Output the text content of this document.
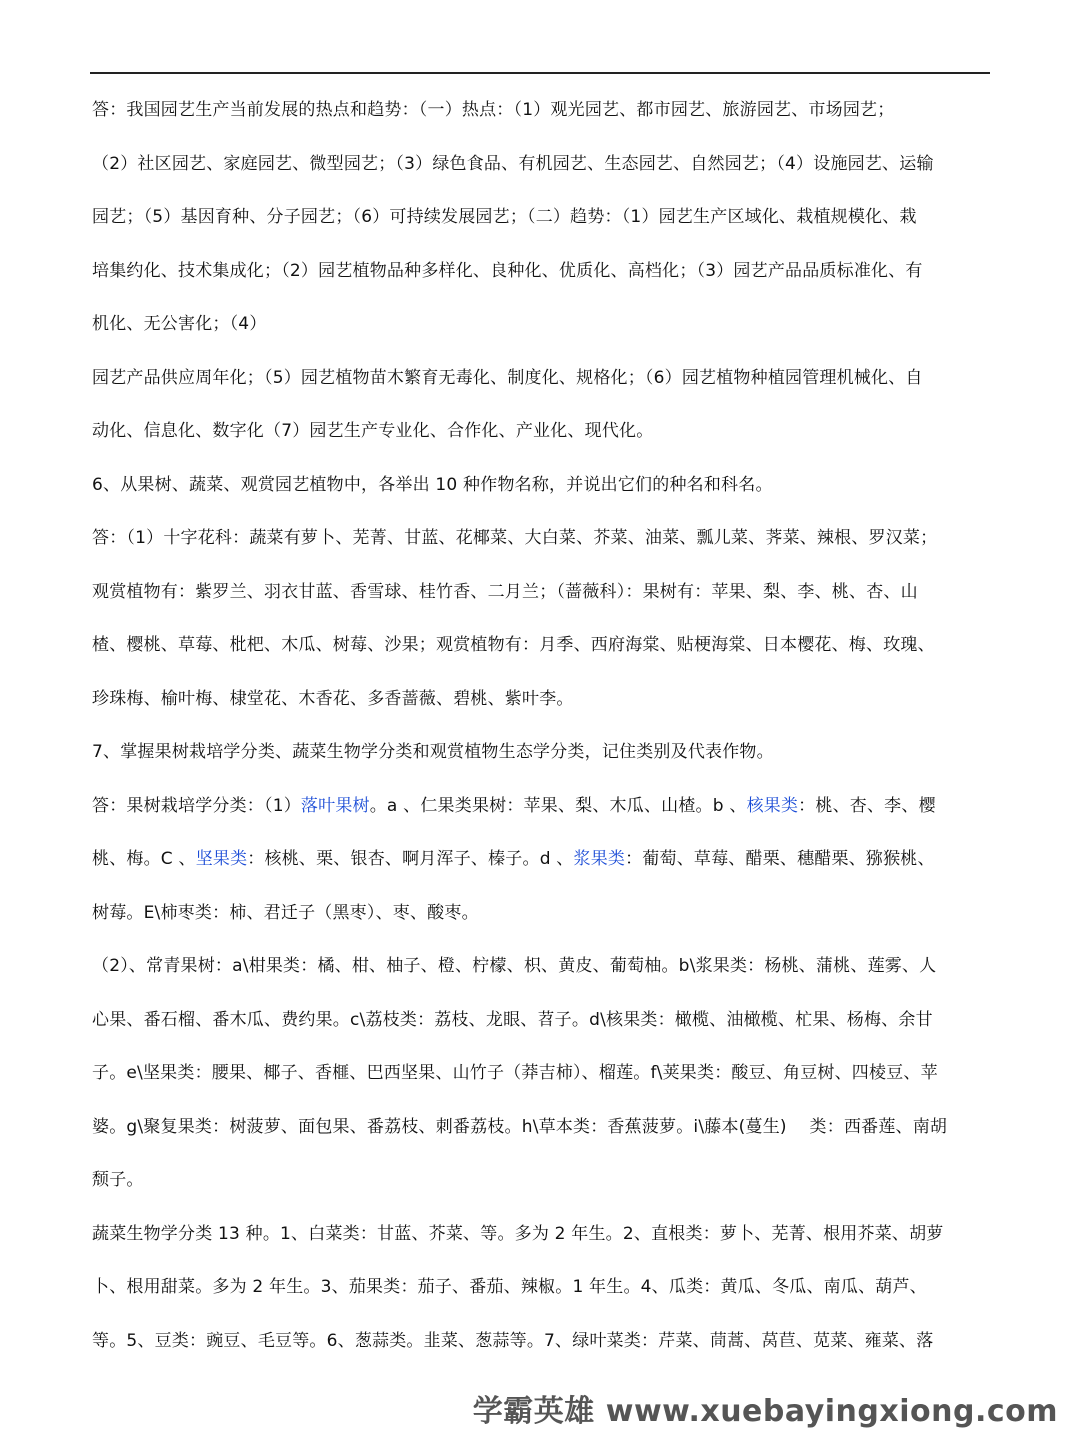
答：我国园艺生产当前发展的热点和趋势：（一）热点：（1）观光园艺、都市园艺、旅游园艺、市场园艺；
（2）社区园艺、家庭园艺、微型园艺；（3）绿色食品、有机园艺、生态园艺、自然园艺；（4）设施园艺、运输
园艺；（5）基因育种、分子园艺；（6）可持续发展园艺；（二）趋势：（1）园艺生产区域化、栽植规模化、栽
培集约化、技术集成化；（2）园艺植物品种多样化、良种化、优质化、高档化；（3）园艺产品品质标准化、有
机化、无公害化；（4）
园艺产品供应周年化；（5）园艺植物苗木繁育无毒化、制度化、规格化；（6）园艺植物种植园管理机械化、自
动化、信息化、数字化（7）园艺生产专业化、合作化、产业化、现代化。
6、从果树、蔬菜、观赏园艺植物中，各举出 10 种作物名称，并说出它们的种名和科名。
答：（1）十字花科：蔬菜有萝卜、芜菁、甘蓝、花椰菜、大白菜、芥菜、油菜、瓢儿菜、荠菜、辣根、罗汉菜；
观赏植物有：紫罗兰、羽衣甘蓝、香雪球、桂竹香、二月兰；（蔷薇科）：果树有：苹果、梨、李、桃、杏、山
楂、樱桃、草莓、枇杷、木瓜、树莓、沙果；观赏植物有：月季、西府海棠、贴梗海棠、日本樱花、梅、玫瑰、
珍珠梅、榆叶梅、棣堂花、木香花、多香蔷薇、碧桃、紫叶李。
7、掌握果树栽培学分类、蔬菜生物学分类和观赏植物生态学分类，记住类别及代表作物。
答：果树栽培学分类：（1）落叶果树。a 、仁果类果树：苹果、梨、木瓜、山楂。b 、核果类：桃、杏、李、樱
桃、梅。C 、坚果类：核桃、栗、银杏、啊月浑子、榛子。d 、浆果类：葡萄、草莓、醋栗、穗醋栗、猕猴桃、
树莓。E\柿枣类：柿、君迁子（黑枣）、枣、酸枣。
（2）、常青果树：a\柑果类：橘、柑、柚子、橙、柠檬、枳、黄皮、葡萄柚。b\浆果类：杨桃、蒲桃、莲雾、人
心果、番石榴、番木瓜、费约果。c\荔枝类：荔枝、龙眼、苕子。d\核果类：橄榄、油橄榄、杧果、杨梅、余甘
子。e\坚果类：腰果、椰子、香榧、巴西坚果、山竹子（莽吉柿）、榴莲。f\荚果类：酸豆、角豆树、四棱豆、苹
婆。g\聚复果类：树菠萝、面包果、番荔枝、刺番荔枝。h\草本类：香蕉菠萝。i\藤本(蔓生)　 类：西番莲、南胡
颓子。
蔬菜生物学分类 13 种。1、白菜类：甘蓝、芥菜、等。多为 2 年生。2、直根类：萝卜、芜菁、根用芥菜、胡萝
卜、根用甜菜。多为 2 年生。3、茄果类：茄子、番茄、辣椒。1 年生。4、瓜类：黄瓜、冬瓜、南瓜、葫芦、
等。5、豆类：豌豆、毛豆等。6、葱蒜类。韭菜、葱蒜等。7、绿叶菜类：芹菜、茼蒿、莴苣、苋菜、雍菜、落
学霸英雄 www.xuebayingxiong.com
